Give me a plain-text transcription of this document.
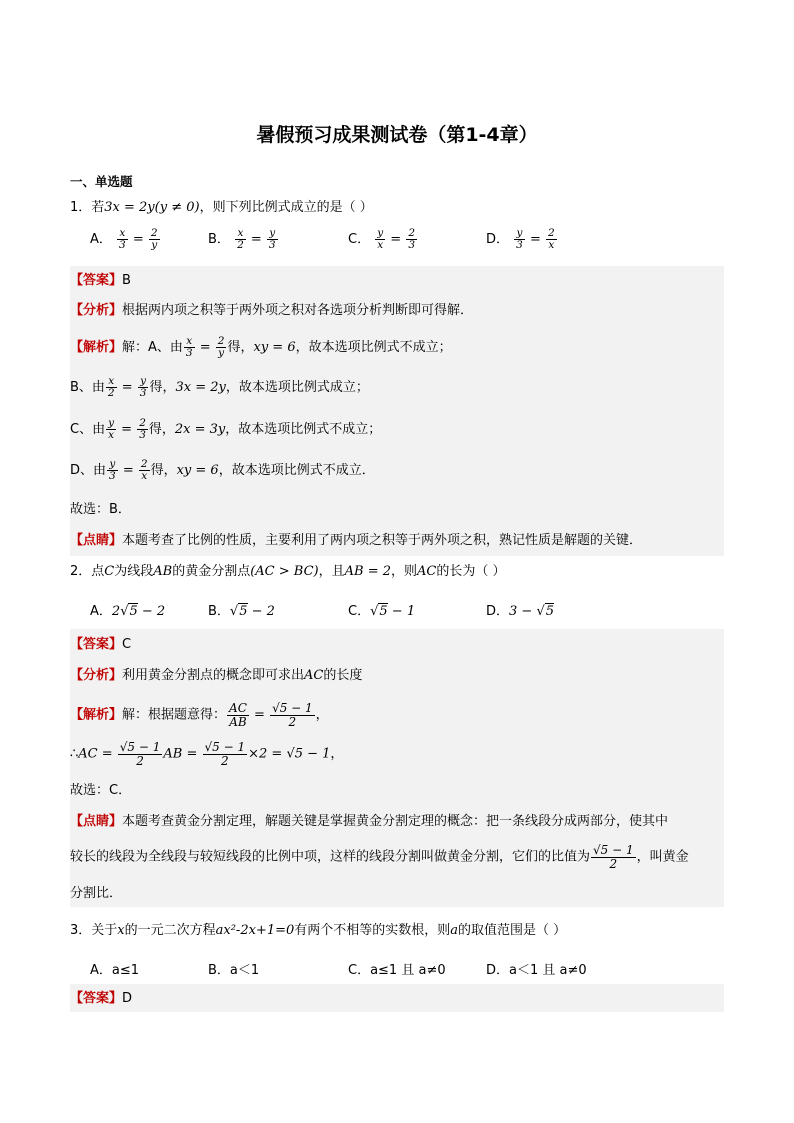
暑假预习成果测试卷（第1-4章）
一、单选题
1．若3x = 2y(y ≠ 0)，则下列比例式成立的是（ ）
A． $\frac{x}{3} = \frac{2}{y}$	B． $\frac{x}{2} = \frac{y}{3}$	C． $\frac{y}{x} = \frac{2}{3}$	D． $\frac{y}{3} = \frac{2}{x}$
【答案】B
【分析】根据两内项之积等于两外项之积对各选项分析判断即可得解．
【解析】解：A、由 $\frac{x}{3} = \frac{2}{y}$ 得，xy = 6，故本选项比例式不成立；
B、由 $\frac{x}{2} = \frac{y}{3}$ 得，3x = 2y，故本选项比例式成立；
C、由 $\frac{y}{x} = \frac{2}{3}$ 得，2x = 3y，故本选项比例式不成立；
D、由 $\frac{y}{3} = \frac{2}{x}$ 得，xy = 6，故本选项比例式不成立．
故选：B．
【点睛】本题考查了比例的性质，主要利用了两内项之积等于两外项之积，熟记性质是解题的关键．
2．点C为线段AB的黄金分割点(AC > BC)，且AB = 2，则AC的长为（ ）
A．2√5 − 2	B．√5 − 2	C．√5 − 1	D．3 − √5
【答案】C
【分析】利用黄金分割点的概念即可求出AC的长度
【解析】解：根据题意得： $\frac{AC}{AB} = \frac{√5 - 1}{2}$ ，
∴AC = $\frac{√5 - 1}{2}$ AB = $\frac{√5 - 1}{2} \times 2 = √5 - 1$，
故选：C．
【点睛】本题考查黄金分割定理，解题关键是掌握黄金分割定理的概念：把一条线段分成两部分，使其中
较长的线段为全线段与较短线段的比例中项，这样的线段分割叫做黄金分割，它们的比值为 $\frac{√5 - 1}{2}$ ，叫黄金
分割比．
3．关于x的一元二次方程ax²-2x+1=0有两个不相等的实数根，则a的取值范围是（ ）
A．a≤1	B．a＜1	C．a≤1 且 a≠0	D．a＜1 且 a≠0
【答案】D
